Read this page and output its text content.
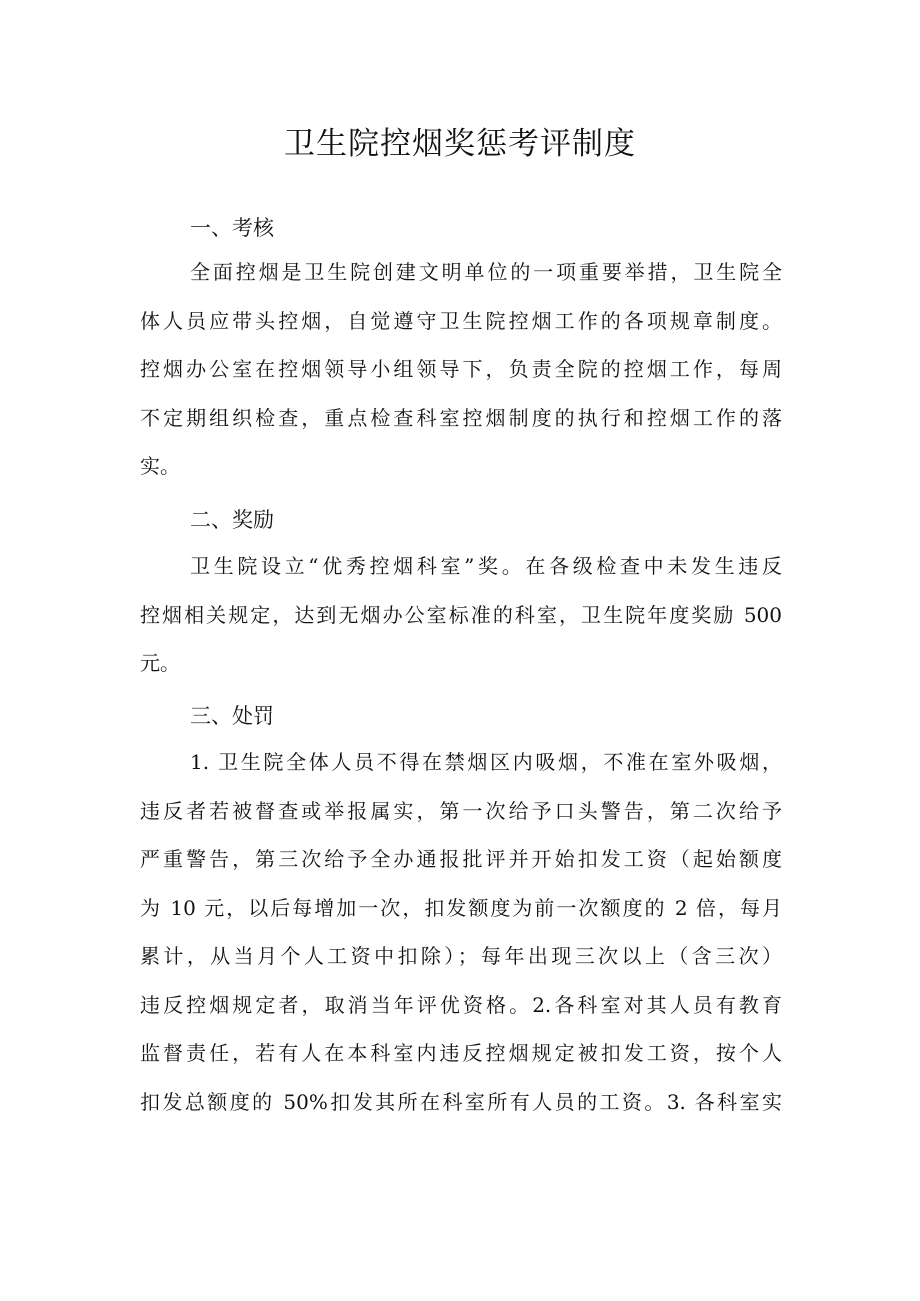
卫生院控烟奖惩考评制度
一、考核
全面控烟是卫生院创建文明单位的一项重要举措，卫生院全
体人员应带头控烟，自觉遵守卫生院控烟工作的各项规章制度。
控烟办公室在控烟领导小组领导下，负责全院的控烟工作，每周
不定期组织检查，重点检查科室控烟制度的执行和控烟工作的落
实。
二、奖励
卫生院设立“优秀控烟科室”奖。在各级检查中未发生违反
控烟相关规定，达到无烟办公室标准的科室，卫生院年度奖励 500
元。
三、处罚
1. 卫生院全体人员不得在禁烟区内吸烟，不准在室外吸烟，
违反者若被督查或举报属实，第一次给予口头警告，第二次给予
严重警告，第三次给予全办通报批评并开始扣发工资（起始额度
为 10 元，以后每增加一次，扣发额度为前一次额度的 2 倍，每月
累计，从当月个人工资中扣除）；每年出现三次以上（含三次）
违反控烟规定者，取消当年评优资格。2.各科室对其人员有教育
监督责任，若有人在本科室内违反控烟规定被扣发工资，按个人
扣发总额度的 50%扣发其所在科室所有人员的工资。3. 各科室实
